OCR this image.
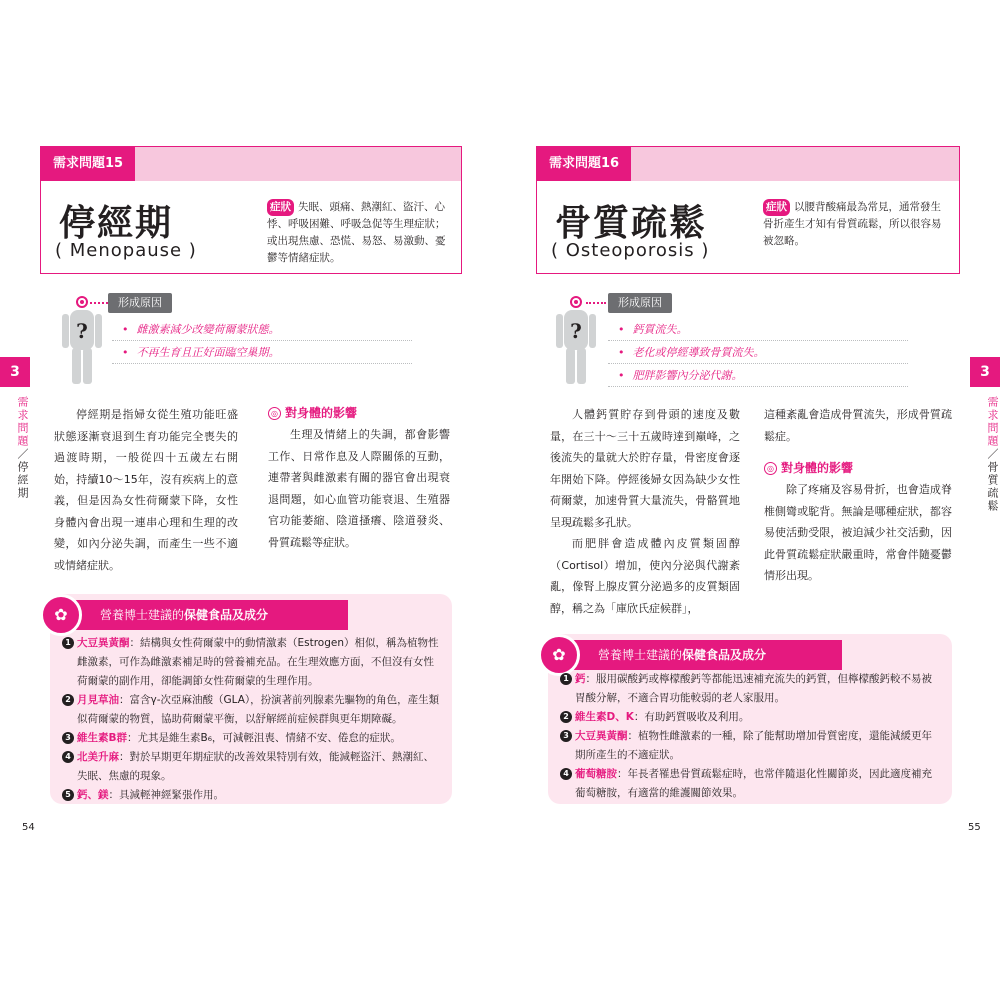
需求問題15
停經期
( Menopause )
症狀 失眠、頭痛、熱潮紅、盜汗、心悸、呼吸困難、呼吸急促等生理症狀；或出現焦慮、恐慌、易怒、易激動、憂鬱等情緒症狀。
?
形成原因
• 雌激素減少改變荷爾蒙狀態。
• 不再生育且正好面臨空巢期。
3
需求問題／停經期

停經期是指婦女從生殖功能旺盛狀態逐漸衰退到生育功能完全喪失的過渡時期，一般從四十五歲左右開始，持續10～15年，沒有疾病上的意義，但是因為女性荷爾蒙下降，女性身體內會出現一連串心理和生理的改變，如內分泌失調，而產生一些不適或情緒症狀。

◎ 對身體的影響

生理及情緒上的失調，都會影響工作、日常作息及人際關係的互動，連帶著與雌激素有關的器官會出現衰退問題，如心血管功能衰退、生殖器官功能萎縮、陰道搔癢、陰道發炎、骨質疏鬆等症狀。

✿	營養博士建議的保健食品及成分
1 大豆異黃酮：結構與女性荷爾蒙中的動情激素（Estrogen）相似，稱為植物性雌激素，可作為雌激素補足時的營養補充品。在生理效應方面，不但沒有女性荷爾蒙的副作用，卻能調節女性荷爾蒙的生理作用。
2 月見草油：富含γ-次亞麻油酸（GLA），扮演著前列腺素先驅物的角色，產生類似荷爾蒙的物質，協助荷爾蒙平衡，以舒解經前症候群與更年期障礙。
3 維生素B群：尤其是維生素B₆，可減輕沮喪、情緒不安、倦怠的症狀。
4 北美升麻：對於早期更年期症狀的改善效果特別有效，能減輕盜汗、熱潮紅、失眠、焦慮的現象。
5 鈣、鎂：具減輕神經緊張作用。
54
需求問題16
骨質疏鬆
( Osteoporosis )
症狀 以腰背酸痛最為常見，通常發生骨折產生才知有骨質疏鬆，所以很容易被忽略。
?
形成原因
• 鈣質流失。
• 老化或停經導致骨質流失。
• 肥胖影響內分泌代謝。	3
需求問題／骨質疏鬆

人體鈣質貯存到骨頭的速度及數量，在三十～三十五歲時達到巔峰，之後流失的量就大於貯存量，骨密度會逐年開始下降。停經後婦女因為缺少女性荷爾蒙，加速骨質大量流失，骨骼質地呈現疏鬆多孔狀。

而肥胖會造成體內皮質類固醇（Cortisol）增加，使內分泌與代謝紊亂，像腎上腺皮質分泌過多的皮質類固醇，稱之為「庫欣氏症候群」，

這種紊亂會造成骨質流失，形成骨質疏鬆症。

◎ 對身體的影響

除了疼痛及容易骨折，也會造成脊椎側彎或駝背。無論是哪種症狀，都容易使活動受限，被迫減少社交活動，因此骨質疏鬆症狀嚴重時，常會伴隨憂鬱情形出現。

✿	營養博士建議的保健食品及成分
1 鈣：服用碳酸鈣或檸檬酸鈣等都能迅速補充流失的鈣質，但檸檬酸鈣較不易被胃酸分解，不適合胃功能較弱的老人家服用。
2 維生素D、K：有助鈣質吸收及利用。
3 大豆異黃酮：植物性雌激素的一種，除了能幫助增加骨質密度，還能減緩更年期所產生的不適症狀。
4 葡萄糖胺：年長者罹患骨質疏鬆症時，也常伴隨退化性關節炎，因此適度補充葡萄糖胺，有適當的維護關節效果。
55
